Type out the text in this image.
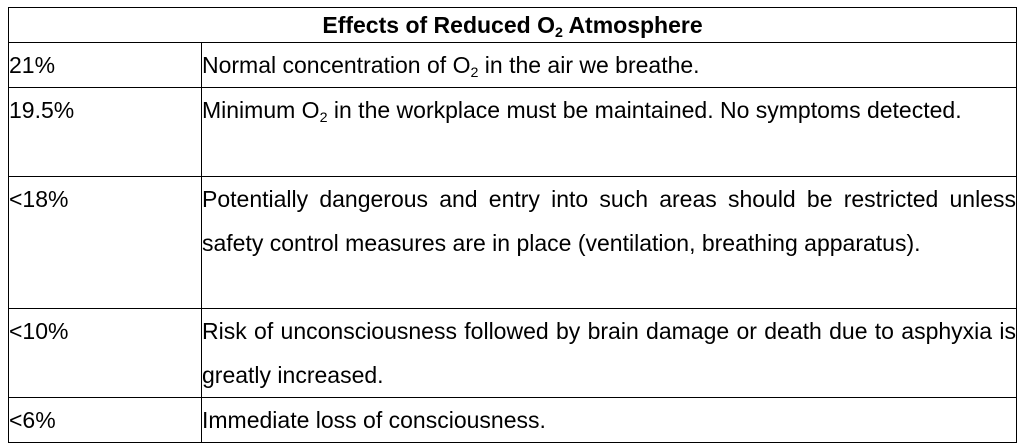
Effects of Reduced $O_2$ Atmosphere	
21%	Normal concentration of $O_2$ in the air we breathe.
19.5%	Minimum $O_2$ in the workplace must be maintained. No symptoms detected.
<18%	Potentially dangerous and entry into such areas should be restricted unless safety control measures are in place (ventilation, breathing apparatus).
<10%	Risk of unconsciousness followed by brain damage or death due to asphyxia is greatly increased.
<6%	Immediate loss of consciousness.
